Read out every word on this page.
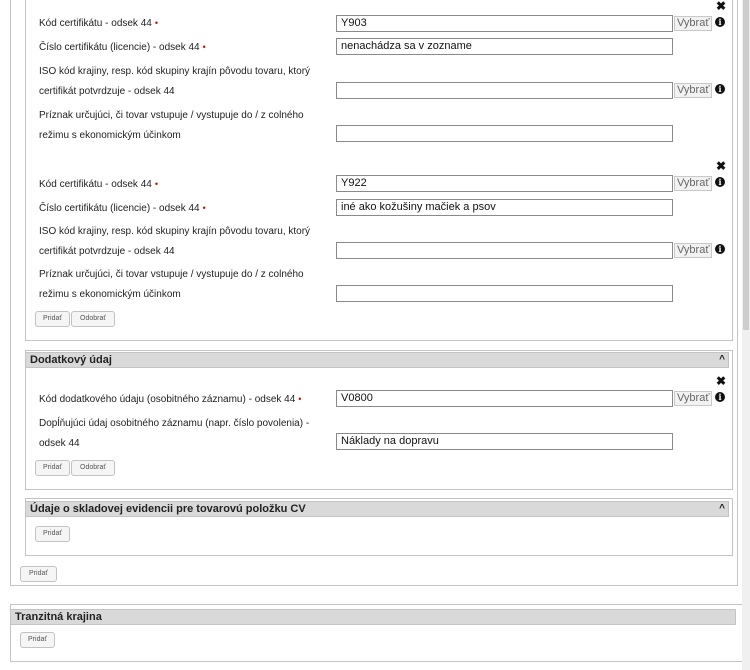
✖
Kód certifikátu - odsek 44 •	Y903	Vybrať	i
Číslo certifikátu (licencie) - odsek 44 •	nenachádza sa v zozname
ISO kód krajiny, resp. kód skupiny krajín pôvodu tovaru, ktorý
certifikát potvrdzuje - odsek 44	Vybrať	i
Príznak určujúci, či tovar vstupuje / vystupuje do / z colného
režimu s ekonomickým účinkom
✖
Kód certifikátu - odsek 44 •	Y922	Vybrať	i
Číslo certifikátu (licencie) - odsek 44 •	iné ako kožušiny mačiek a psov
ISO kód krajiny, resp. kód skupiny krajín pôvodu tovaru, ktorý
certifikát potvrdzuje - odsek 44	Vybrať	i
Príznak určujúci, či tovar vstupuje / vystupuje do / z colného
režimu s ekonomickým účinkom
Pridať	Odobrať
Dodatkový údaj	^
✖
Kód dodatkového údaju (osobitného záznamu) - odsek 44 •	V0800	Vybrať	i
Dopĺňujúci údaj osobitného záznamu (napr. číslo povolenia) -
odsek 44	Náklady na dopravu
Pridať	Odobrať
Údaje o skladovej evidencii pre tovarovú položku CV	^
Pridať
Pridať
Tranzitná krajina
Pridať
